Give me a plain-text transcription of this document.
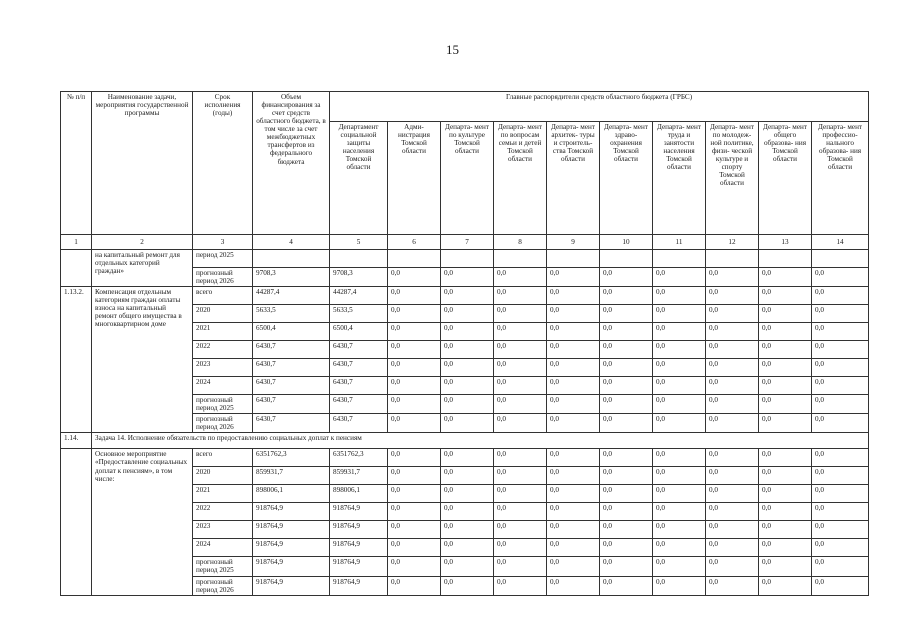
15
№ п/п	Наименование задачи, мероприятия государственной программы	Срок исполнения (годы)	Объем финансирования за счет средств областного бюджета, в том числе за счет межбюджетных трансфертов из федерального бюджета	Главные распорядители средств областного бюджета (ГРБС)										
				Департамент социальной защиты населения Томской области	Адми- нистрация Томской области	Департа- мент по культуре Томской области	Департа- мент по вопросам семьи и детей Томской области	Департа- мент архитек- туры и строитель- ства Томской области	Департа- мент здраво- охранения Томской области	Департа- мент труда и занятости населения Томской области	Департа- мент по молодеж- ной политике, физи- ческой культуре и спорту Томской области	Департа- мент общего образова- ния Томской области	Департа- мент профессио- нального образова- ния Томской области	
1	2	3	4	5	6	7	8	9	10	11	12	13	14	
	на капитальный ремонт для отдельных категорий граждан»	период 2025												
		прогнозный период 2026	9708,3	9708,3	0,0	0,0	0,0	0,0	0,0	0,0	0,0	0,0	0,0	
1.13.2.	Компенсация отдельным категориям граждан оплаты взноса на капитальный ремонт общего имущества в многоквартирном доме	всего	44287,4	44287,4	0,0	0,0	0,0	0,0	0,0	0,0	0,0	0,0	0,0	
		2020	5633,5	5633,5	0,0	0,0	0,0	0,0	0,0	0,0	0,0	0,0	0,0	
		2021	6500,4	6500,4	0,0	0,0	0,0	0,0	0,0	0,0	0,0	0,0	0,0	
		2022	6430,7	6430,7	0,0	0,0	0,0	0,0	0,0	0,0	0,0	0,0	0,0	
		2023	6430,7	6430,7	0,0	0,0	0,0	0,0	0,0	0,0	0,0	0,0	0,0	
		2024	6430,7	6430,7	0,0	0,0	0,0	0,0	0,0	0,0	0,0	0,0	0,0	
		прогнозный период 2025	6430,7	6430,7	0,0	0,0	0,0	0,0	0,0	0,0	0,0	0,0	0,0	
		прогнозный период 2026	6430,7	6430,7	0,0	0,0	0,0	0,0	0,0	0,0	0,0	0,0	0,0	
1.14.	Задача 14. Исполнение обязательств по предоставлению социальных доплат к пенсиям													
	Основное мероприятие «Предоставление социальных доплат к пенсиям», в том числе:	всего	6351762,3	6351762,3	0,0	0,0	0,0	0,0	0,0	0,0	0,0	0,0	0,0	
		2020	859931,7	859931,7	0,0	0,0	0,0	0,0	0,0	0,0	0,0	0,0	0,0	
		2021	898006,1	898006,1	0,0	0,0	0,0	0,0	0,0	0,0	0,0	0,0	0,0	
		2022	918764,9	918764,9	0,0	0,0	0,0	0,0	0,0	0,0	0,0	0,0	0,0	
		2023	918764,9	918764,9	0,0	0,0	0,0	0,0	0,0	0,0	0,0	0,0	0,0	
		2024	918764,9	918764,9	0,0	0,0	0,0	0,0	0,0	0,0	0,0	0,0	0,0	
		прогнозный период 2025	918764,9	918764,9	0,0	0,0	0,0	0,0	0,0	0,0	0,0	0,0	0,0	
		прогнозный период 2026	918764,9	918764,9	0,0	0,0	0,0	0,0	0,0	0,0	0,0	0,0	0,0	
